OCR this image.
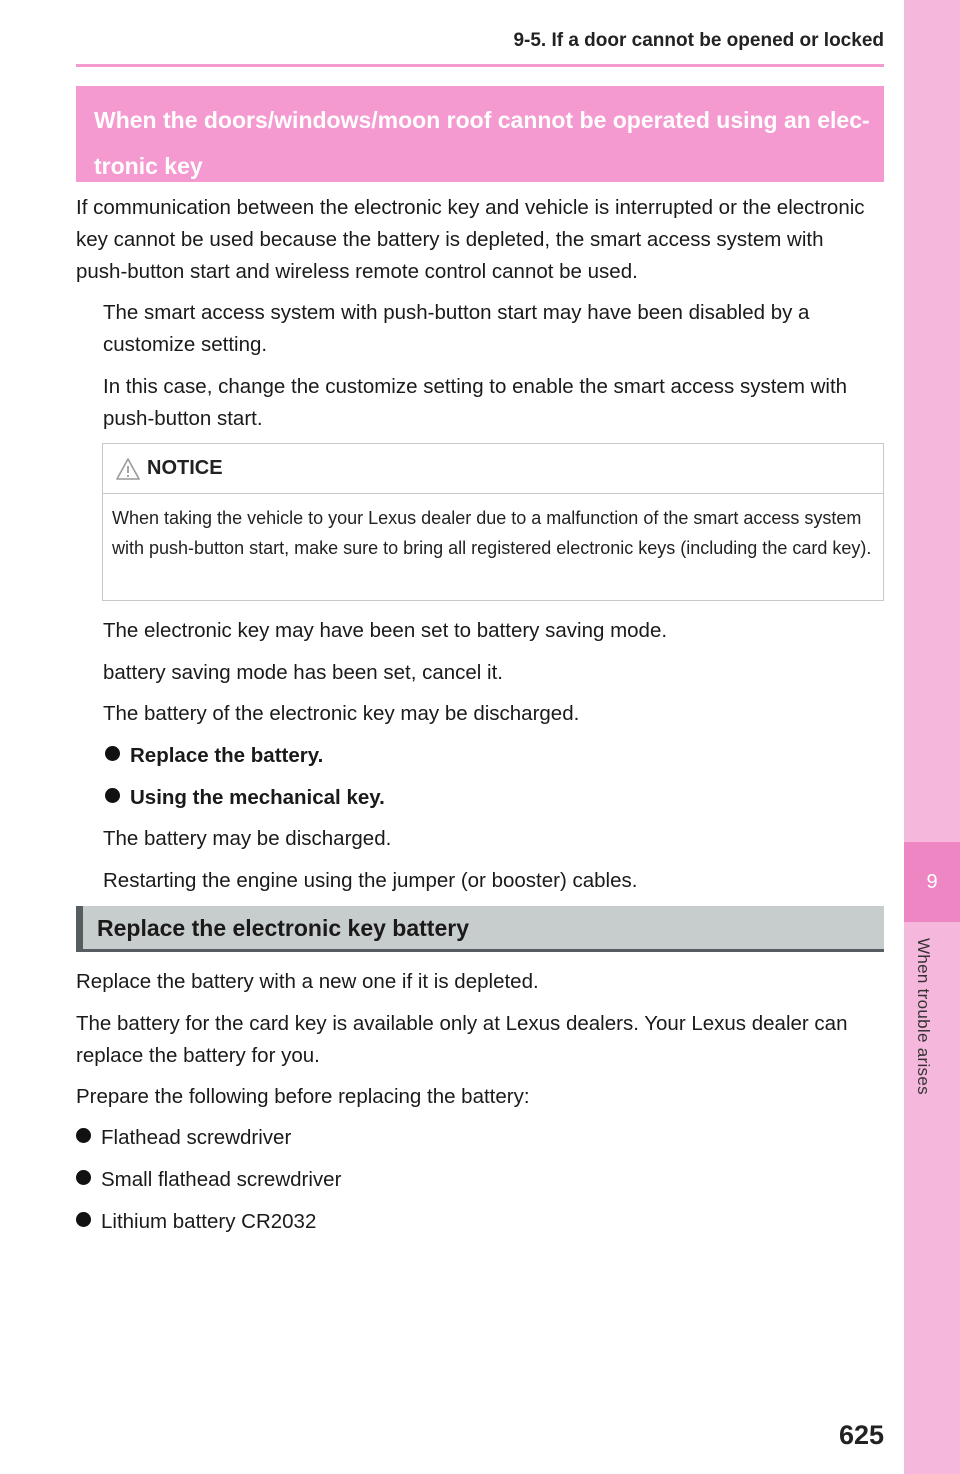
9-5. If a door cannot be opened or locked
9
When trouble arises
When the doors/windows/moon roof cannot be operated using an elec-tronic key

If communication between the electronic key and vehicle is interrupted or the electronic key cannot be used because the battery is depleted, the smart access system with push-button start and wireless remote control cannot be used.

The smart access system with push-button start may have been disabled by a customize setting.

In this case, change the customize setting to enable the smart access system with push-button start.

NOTICE
When taking the vehicle to your Lexus dealer due to a malfunction of the smart access system with push-button start, make sure to bring all registered electronic keys (including the card key).

The electronic key may have been set to battery saving mode.

battery saving mode has been set, cancel it.

The battery of the electronic key may be discharged.

Replace the battery.
Using the mechanical key.

The battery may be discharged.

Restarting the engine using the jumper (or booster) cables.

Replace the electronic key battery

Replace the battery with a new one if it is depleted.

The battery for the card key is available only at Lexus dealers. Your Lexus dealer can replace the battery for you.

Prepare the following before replacing the battery:

Flathead screwdriver
Small flathead screwdriver
Lithium battery CR2032
625
